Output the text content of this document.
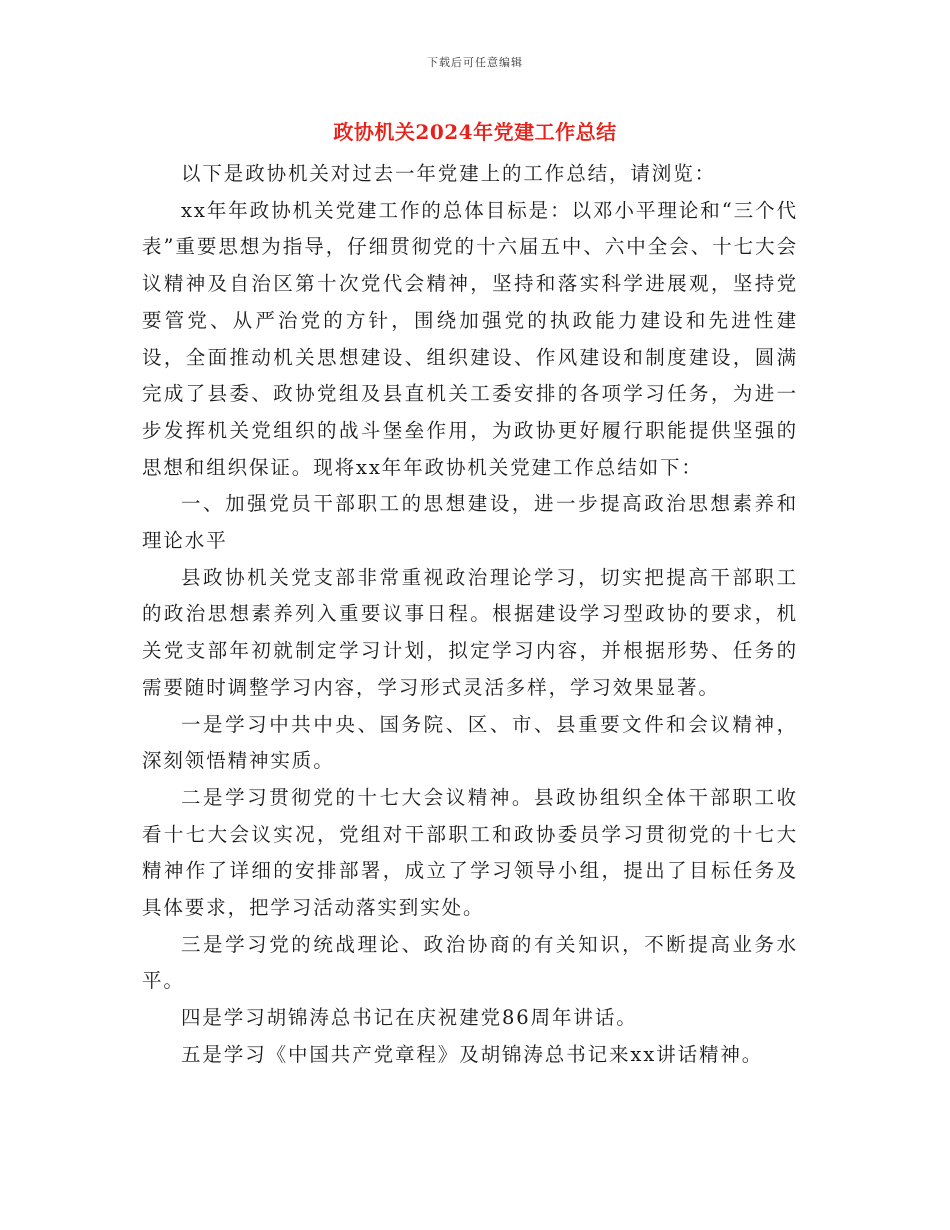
下载后可任意编辑
政协机关2024年党建工作总结

以下是政协机关对过去一年党建上的工作总结，请浏览：

xx年年政协机关党建工作的总体目标是：以邓小平理论和“三个代表”重要思想为指导，仔细贯彻党的十六届五中、六中全会、十七大会议精神及自治区第十次党代会精神，坚持和落实科学进展观，坚持党要管党、从严治党的方针，围绕加强党的执政能力建设和先进性建设，全面推动机关思想建设、组织建设、作风建设和制度建设，圆满完成了县委、政协党组及县直机关工委安排的各项学习任务，为进一步发挥机关党组织的战斗堡垒作用，为政协更好履行职能提供坚强的思想和组织保证。现将xx年年政协机关党建工作总结如下：

一、加强党员干部职工的思想建设，进一步提高政治思想素养和理论水平

县政协机关党支部非常重视政治理论学习，切实把提高干部职工的政治思想素养列入重要议事日程。根据建设学习型政协的要求，机关党支部年初就制定学习计划，拟定学习内容，并根据形势、任务的需要随时调整学习内容，学习形式灵活多样，学习效果显著。

一是学习中共中央、国务院、区、市、县重要文件和会议精神，深刻领悟精神实质。

二是学习贯彻党的十七大会议精神。县政协组织全体干部职工收看十七大会议实况，党组对干部职工和政协委员学习贯彻党的十七大精神作了详细的安排部署，成立了学习领导小组，提出了目标任务及具体要求，把学习活动落实到实处。

三是学习党的统战理论、政治协商的有关知识，不断提高业务水平。

四是学习胡锦涛总书记在庆祝建党86周年讲话。

五是学习《中国共产党章程》及胡锦涛总书记来xx讲话精神。
